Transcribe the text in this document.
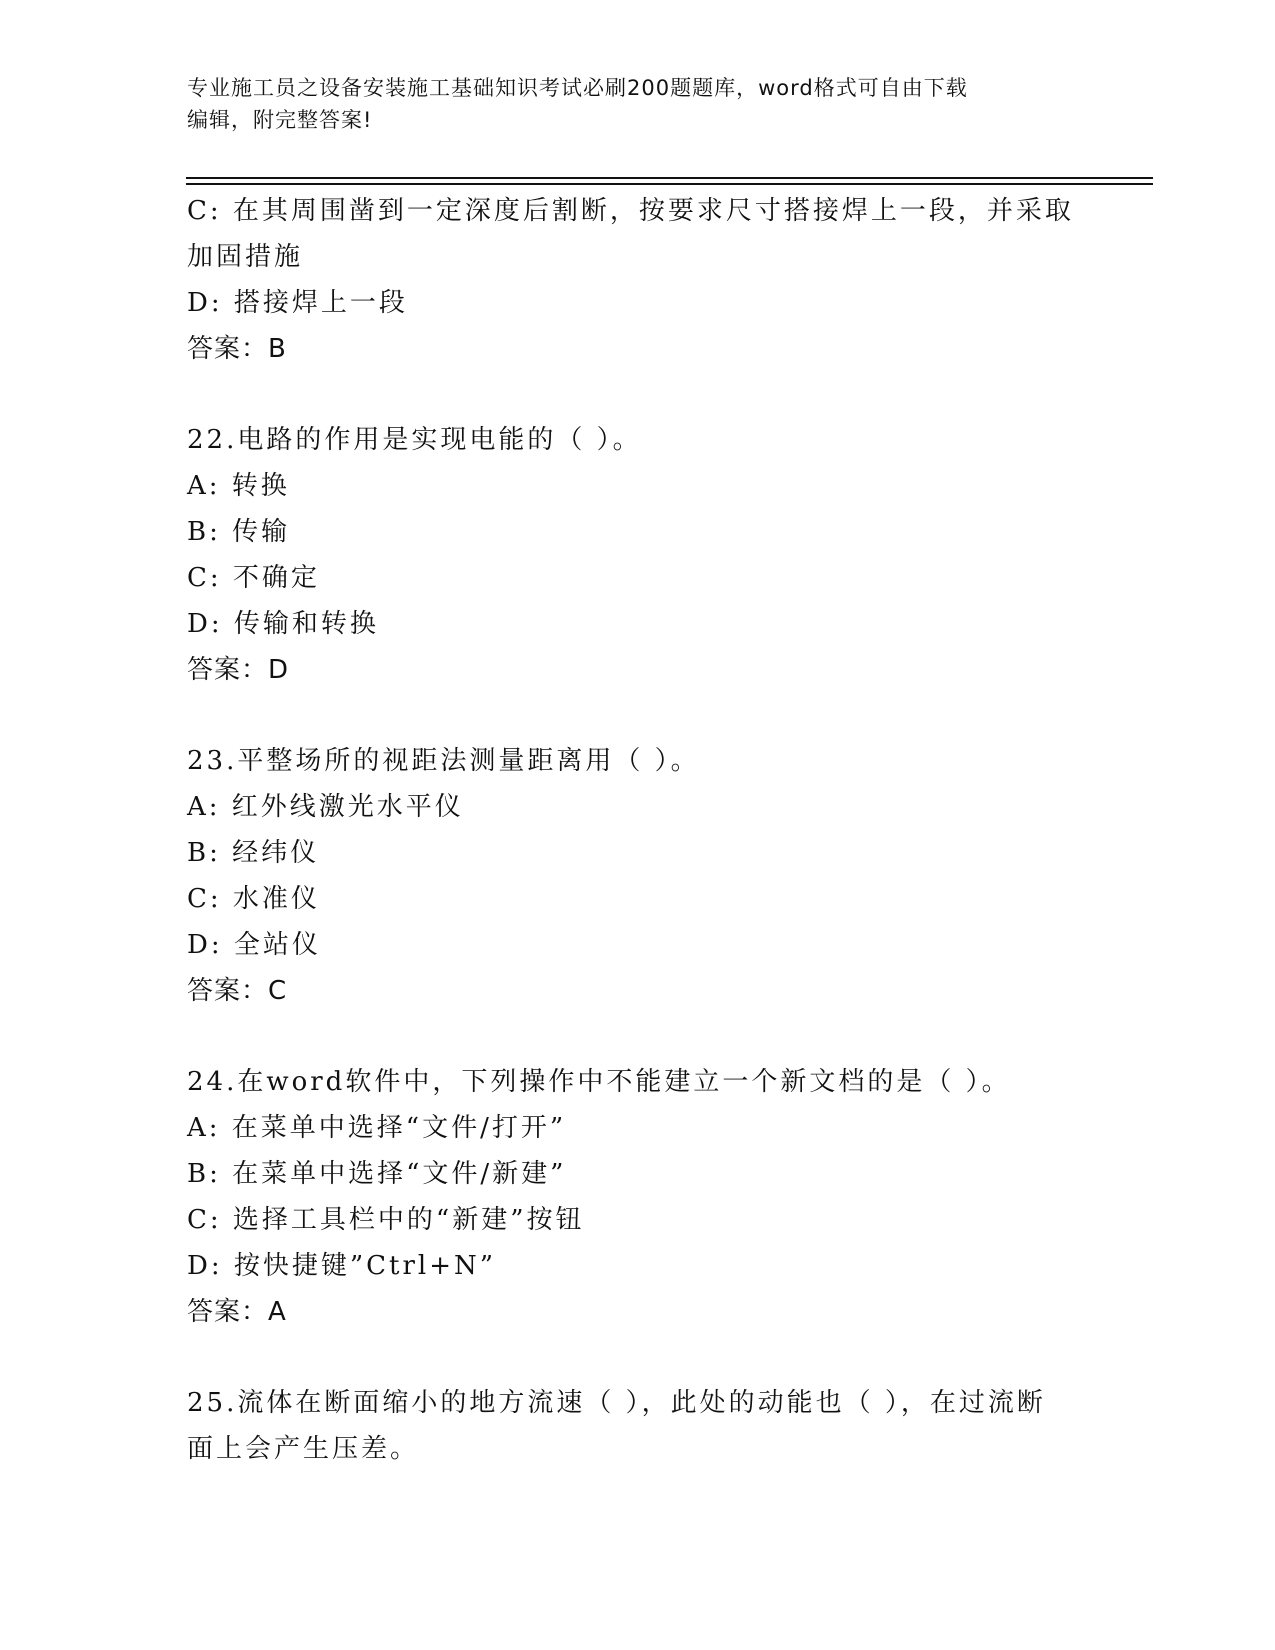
专业施工员之设备安装施工基础知识考试必刷200题题库，word格式可自由下载
编辑，附完整答案!
C: 在其周围凿到一定深度后割断，按要求尺寸搭接焊上一段，并采取
加固措施
D: 搭接焊上一段
答案：B
22.电路的作用是实现电能的（ ）。
A: 转换
B: 传输
C: 不确定
D: 传输和转换
答案：D
23.平整场所的视距法测量距离用（ ）。
A: 红外线激光水平仪
B: 经纬仪
C: 水准仪
D: 全站仪
答案：C
24.在word软件中，下列操作中不能建立一个新文档的是（ ）。
A: 在菜单中选择“文件/打开”
B: 在菜单中选择“文件/新建”
C: 选择工具栏中的“新建”按钮
D: 按快捷键”Ctrl+N”
答案：A
25.流体在断面缩小的地方流速（ ），此处的动能也（ ），在过流断
面上会产生压差。
